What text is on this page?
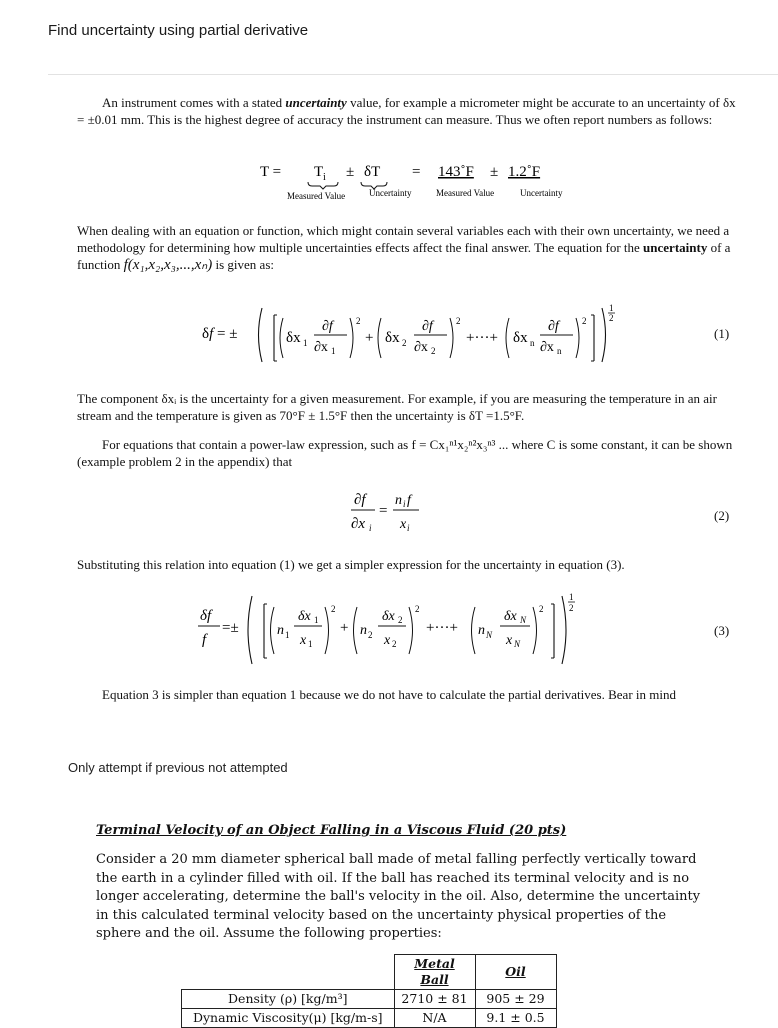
Find uncertainty using partial derivative
An instrument comes with a stated uncertainty value, for example a micrometer might be accurate to an uncertainty of δx = ±0.01 mm. This is the highest degree of accuracy the instrument can measure. Thus we often report numbers as follows:
T = T i ± δT = 143˚F ± 1.2˚F
Measured Value	Uncertainty	Measured Value	Uncertainty
When dealing with an equation or function, which might contain several variables each with their own uncertainty, we need a methodology for determining how multiple uncertainties effects affect the final answer. The equation for the uncertainty of a function f(x₁,x₂,x₃,...,xₙ) is given as:
δf = ±	δx 1
∂f
∂x 1
2
+ δx 2
∂f
∂x 2
2
+···+ δx n
∂f
∂x n
2
1
2
(1)
The component δxᵢ is the uncertainty for a given measurement. For example, if you are measuring the temperature in an air stream and the temperature is given as 70°F ± 1.5°F then the uncertainty is δT =1.5°F.
For equations that contain a power-law expression, such as f = Cx₁ⁿ¹x₂ⁿ²x₃ⁿ³ ... where C is some constant, it can be shown (example problem 2 in the appendix) that
∂f
∂x i
=
n i f
x i
(2)
Substituting this relation into equation (1) we get a simpler expression for the uncertainty in equation (3).
δf
f
=±	n 1
δx 1
x 1
2
+ n 2
δx 2
x 2
2
+···+ n N
δx N
x N
2
1
2
(3)
Equation 3 is simpler than equation 1 because we do not have to calculate the partial derivatives. Bear in mind
Only attempt if previous not attempted
Terminal Velocity of an Object Falling in a Viscous Fluid (20 pts)
Consider a 20 mm diameter spherical ball made of metal falling perfectly vertically toward the earth in a cylinder filled with oil. If the ball has reached its terminal velocity and is no longer accelerating, determine the ball's velocity in the oil. Also, determine the uncertainty in this calculated terminal velocity based on the uncertainty physical properties of the sphere and the oil. Assume the following properties:
	Metal Ball	Oil
Density (ρ) [kg/m³]	2710 ± 81	905 ± 29
Dynamic Viscosity(μ) [kg/m-s]	N/A	9.1 ± 0.5
